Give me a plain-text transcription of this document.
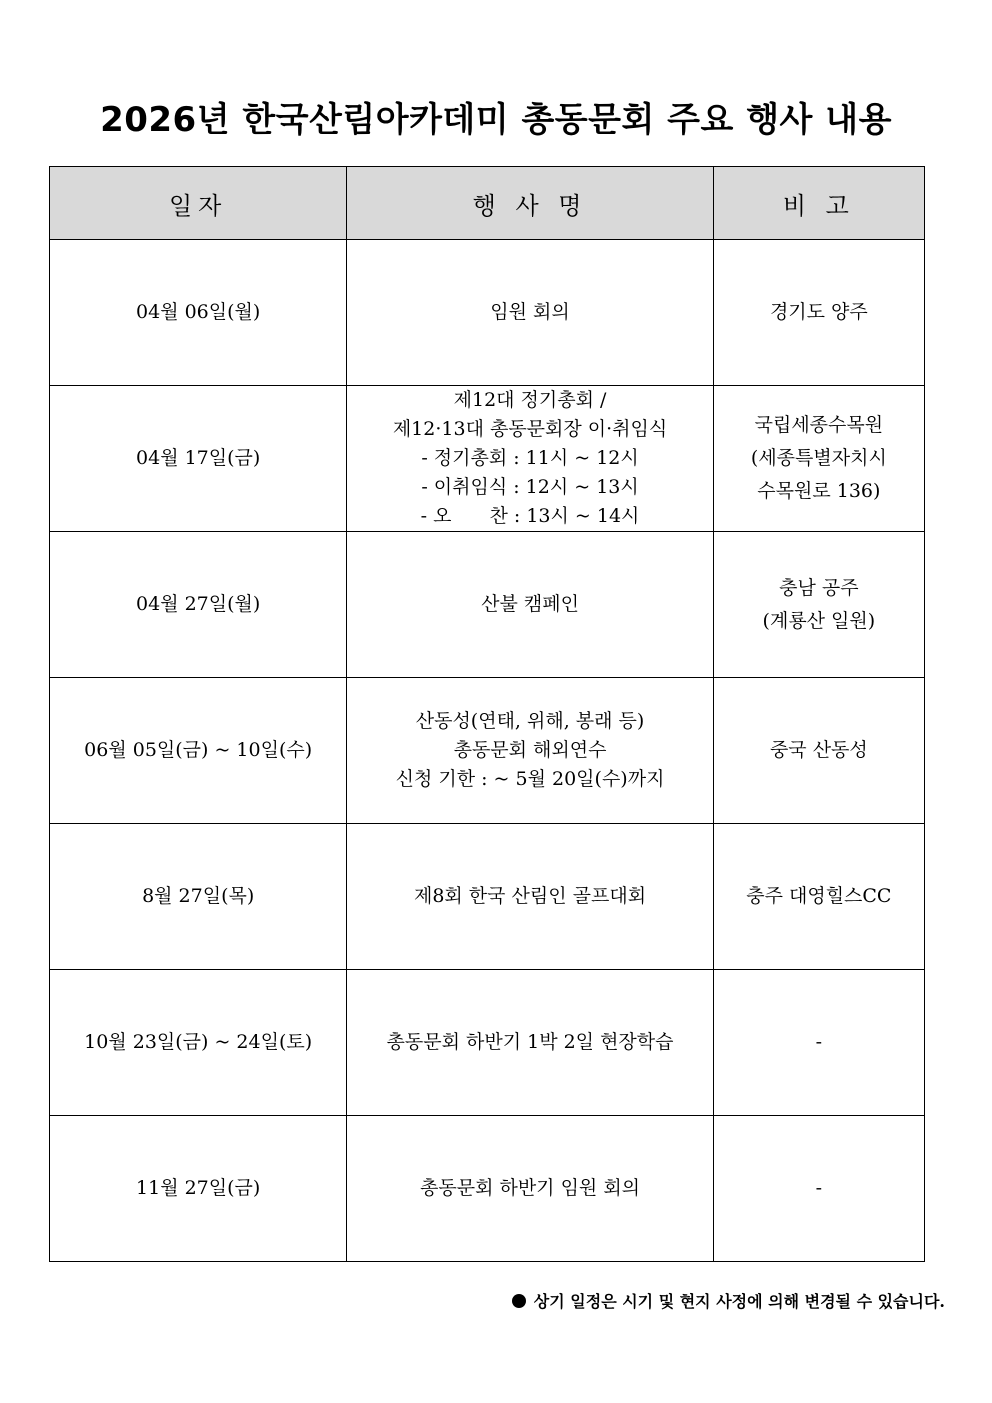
2026년 한국산림아카데미 총동문회 주요 행사 내용
일자	행 사 명	비 고
04월 06일(월)	임원 회의	경기도 양주

04월 17일(금)	제12대 정기총회 /
제12·13대 총동문회장 이·취임식
- 정기총회 : 11시 ~ 12시
- 이취임식 : 12시 ~ 13시
- 오　　찬 : 13시 ~ 14시	국립세종수목원
(세종특별자치시
수목원로 136)

04월 27일(월)	산불 캠페인	충남 공주
(계룡산 일원)

06월 05일(금) ~ 10일(수)	산동성(연태, 위해, 봉래 등)
총동문회 해외연수
신청 기한 : ~ 5월 20일(수)까지	중국 산동성

8월 27일(목)	제8회 한국 산림인 골프대회	충주 대영힐스CC

10월 23일(금) ~ 24일(토)	총동문회 하반기 1박 2일 현장학습	-

11월 27일(금)	총동문회 하반기 임원 회의	-
상기 일정은 시기 및 현지 사정에 의해 변경될 수 있습니다.
